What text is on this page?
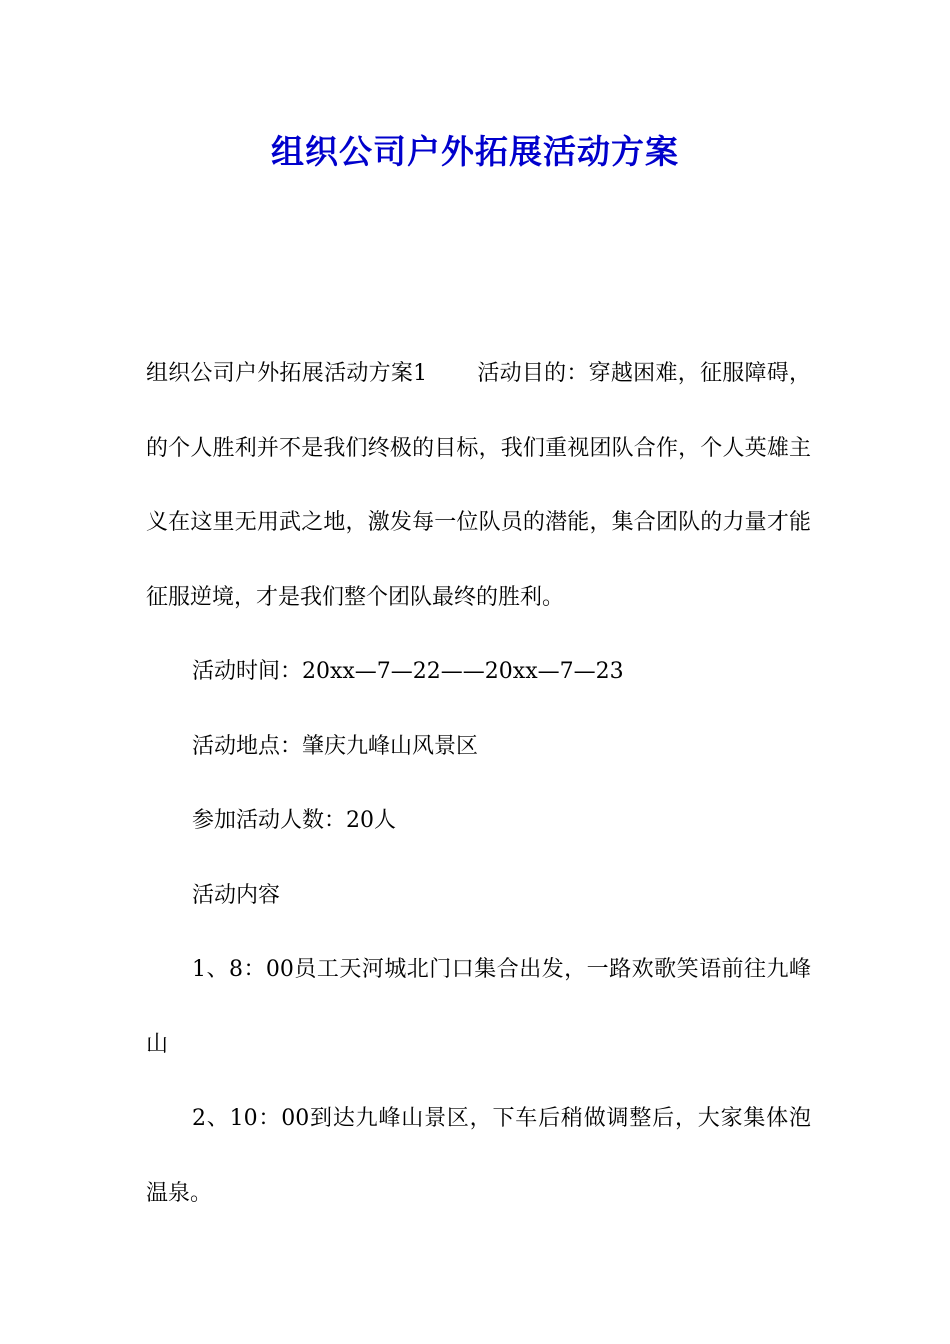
组织公司户外拓展活动方案

组织公司户外拓展活动方案1 活动目的：穿越困难，征服障碍，的个人胜利并不是我们终极的目标，我们重视团队合作，个人英雄主义在这里无用武之地，激发每一位队员的潜能，集合团队的力量才能征服逆境，才是我们整个团队最终的胜利。

活动时间：20xx—7—22——20xx—7—23

活动地点：肇庆九峰山风景区

参加活动人数：20人

活动内容

1、8：00员工天河城北门口集合出发，一路欢歌笑语前往九峰山

2、10：00到达九峰山景区，下车后稍做调整后，大家集体泡温泉。
